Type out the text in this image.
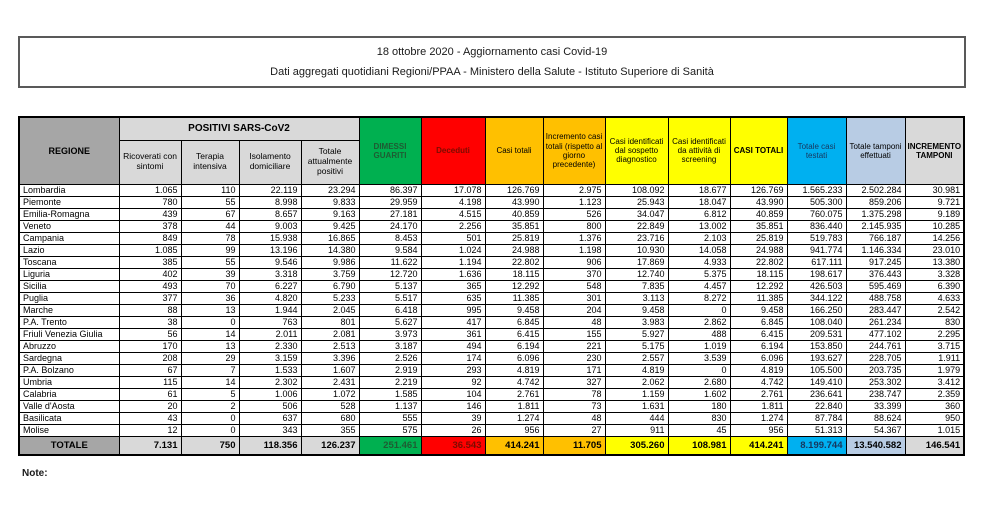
18 ottobre 2020 - Aggiornamento casi Covid-19
Dati aggregati quotidiani Regioni/PPAA - Ministero della Salute - Istituto Superiore di Sanità
REGIONE	POSITIVI SARS-CoV2				DIMESSI GUARITI	Deceduti	Casi totali	Incremento casi totali (rispetto al giorno precedente)	Casi identificati dal sospetto diagnostico	Casi identificati da attività di screening	CASI TOTALI	Totale casi testati	Totale tamponi effettuati	INCREMENTO TAMPONI
	Ricoverati con sintomi	Terapia intensiva	Isolamento domiciliare	Totale attualmente positivi										
Lombardia	1.065	110	22.119	23.294	86.397	17.078	126.769	2.975	108.092	18.677	126.769	1.565.233	2.502.284	30.981
Piemonte	780	55	8.998	9.833	29.959	4.198	43.990	1.123	25.943	18.047	43.990	505.300	859.206	9.721
Emilia-Romagna	439	67	8.657	9.163	27.181	4.515	40.859	526	34.047	6.812	40.859	760.075	1.375.298	9.189
Veneto	378	44	9.003	9.425	24.170	2.256	35.851	800	22.849	13.002	35.851	836.440	2.145.935	10.285
Campania	849	78	15.938	16.865	8.453	501	25.819	1.376	23.716	2.103	25.819	519.783	766.187	14.256
Lazio	1.085	99	13.196	14.380	9.584	1.024	24.988	1.198	10.930	14.058	24.988	941.774	1.146.334	23.010
Toscana	385	55	9.546	9.986	11.622	1.194	22.802	906	17.869	4.933	22.802	617.111	917.245	13.380
Liguria	402	39	3.318	3.759	12.720	1.636	18.115	370	12.740	5.375	18.115	198.617	376.443	3.328
Sicilia	493	70	6.227	6.790	5.137	365	12.292	548	7.835	4.457	12.292	426.503	595.469	6.390
Puglia	377	36	4.820	5.233	5.517	635	11.385	301	3.113	8.272	11.385	344.122	488.758	4.633
Marche	88	13	1.944	2.045	6.418	995	9.458	204	9.458	0	9.458	166.250	283.447	2.542
P.A. Trento	38	0	763	801	5.627	417	6.845	48	3.983	2.862	6.845	108.040	261.234	830
Friuli Venezia Giulia	56	14	2.011	2.081	3.973	361	6.415	155	5.927	488	6.415	209.531	477.102	2.295
Abruzzo	170	13	2.330	2.513	3.187	494	6.194	221	5.175	1.019	6.194	153.850	244.761	3.715
Sardegna	208	29	3.159	3.396	2.526	174	6.096	230	2.557	3.539	6.096	193.627	228.705	1.911
P.A. Bolzano	67	7	1.533	1.607	2.919	293	4.819	171	4.819	0	4.819	105.500	203.735	1.979
Umbria	115	14	2.302	2.431	2.219	92	4.742	327	2.062	2.680	4.742	149.410	253.302	3.412
Calabria	61	5	1.006	1.072	1.585	104	2.761	78	1.159	1.602	2.761	236.641	238.747	2.359
Valle d'Aosta	20	2	506	528	1.137	146	1.811	73	1.631	180	1.811	22.840	33.399	360
Basilicata	43	0	637	680	555	39	1.274	48	444	830	1.274	87.784	88.624	950
Molise	12	0	343	355	575	26	956	27	911	45	956	51.313	54.367	1.015
TOTALE	7.131	750	118.356	126.237	251.461	36.543	414.241	11.705	305.260	108.981	414.241	8.199.744	13.540.582	146.541
Note:
